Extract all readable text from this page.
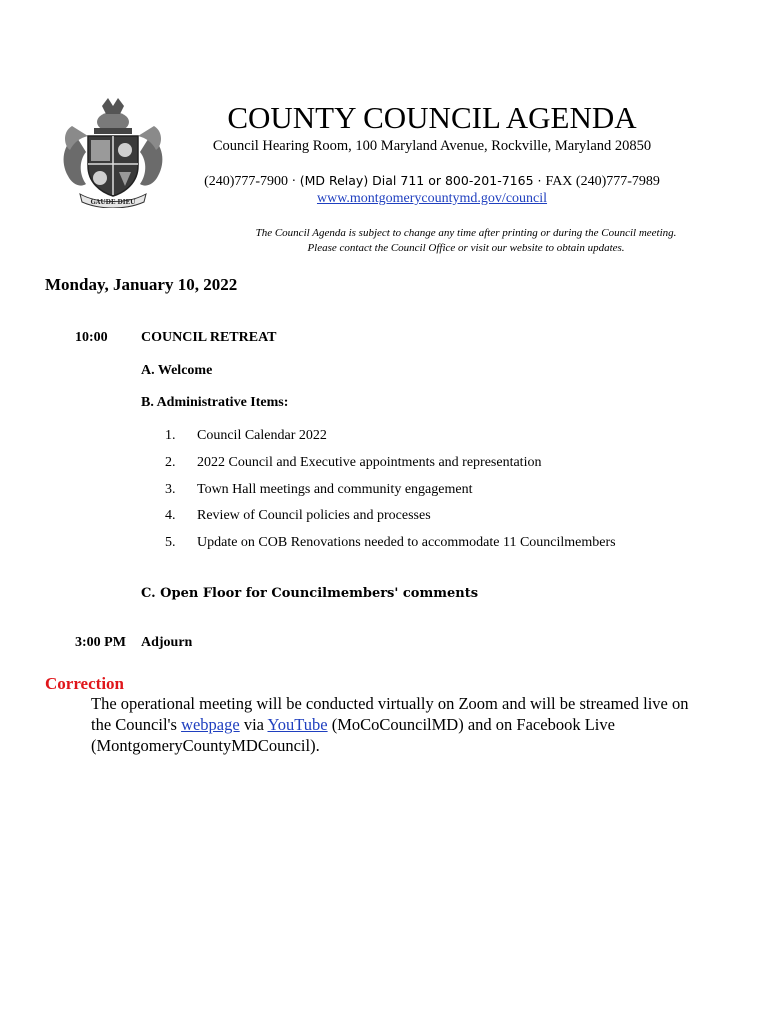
GAUDE DIEU
COUNTY COUNCIL AGENDA
Council Hearing Room, 100 Maryland Avenue, Rockville, Maryland 20850
(240)777-7900 · (MD Relay) Dial 711 or 800-201-7165 · FAX (240)777-7989
www.montgomerycountymd.gov/council
The Council Agenda is subject to change any time after printing or during the Council meeting.
Please contact the Council Office or visit our website to obtain updates.
Monday, January 10, 2022
10:00 COUNCIL RETREAT
A. Welcome
B. Administrative Items:
1. Council Calendar 2022
2. 2022 Council and Executive appointments and representation
3. Town Hall meetings and community engagement
4. Review of Council policies and processes
5. Update on COB Renovations needed to accommodate 11 Councilmembers
C. Open Floor for Councilmembers' comments
3:00 PM Adjourn
Correction
The operational meeting will be conducted virtually on Zoom and will be streamed live on the Council's webpage via YouTube (MoCoCouncilMD) and on Facebook Live (MontgomeryCountyMDCouncil).
